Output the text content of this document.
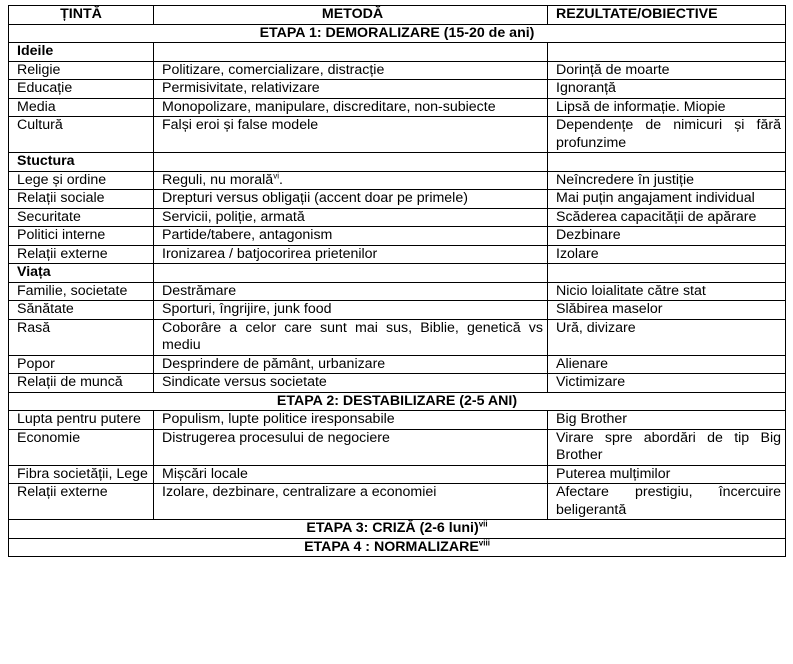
ȚINTĂ	METODĂ	REZULTATE/OBIECTIVE
ETAPA 1: DEMORALIZARE (15-20 de ani)		
Ideile		
Religie	Politizare, comercializare, distracție	Dorință de moarte
Educație	Permisivitate, relativizare	Ignoranță
Media	Monopolizare, manipulare, discreditare, non-subiecte	Lipsă de informație. Miopie
Cultură	Falși eroi și false modele	Dependențe de nimicuri și fără profunzime
Stuctura		
Lege și ordine	Reguli, nu morală$^{vi}$.	Neîncredere în justiție
Relații sociale	Drepturi versus obligații (accent doar pe primele)	Mai puțin angajament individual
Securitate	Servicii, poliție, armată	Scăderea capacității de apărare
Politici interne	Partide/tabere, antagonism	Dezbinare
Relații externe	Ironizarea / batjocorirea prietenilor	Izolare
Viața		
Familie, societate	Destrămare	Nicio loialitate către stat
Sănătate	Sporturi, îngrijire, junk food	Slăbirea maselor
Rasă	Coborâre a celor care sunt mai sus, Biblie, genetică vs mediu	Ură, divizare
Popor	Desprindere de pământ, urbanizare	Alienare
Relații de muncă	Sindicate versus societate	Victimizare
ETAPA 2: DESTABILIZARE (2-5 ANI)		
Lupta pentru putere	Populism, lupte politice iresponsabile	Big Brother
Economie	Distrugerea procesului de negociere	Virare spre abordări de tip Big Brother
Fibra societății, Lege	Mișcări locale	Puterea mulțimilor
Relații externe	Izolare, dezbinare, centralizare a economiei	Afectare prestigiu, încercuire beligerantă
ETAPA 3: CRIZĂ (2-6 luni)$^{vii}$
ETAPA 4 : NORMALIZARE$^{viii}$
